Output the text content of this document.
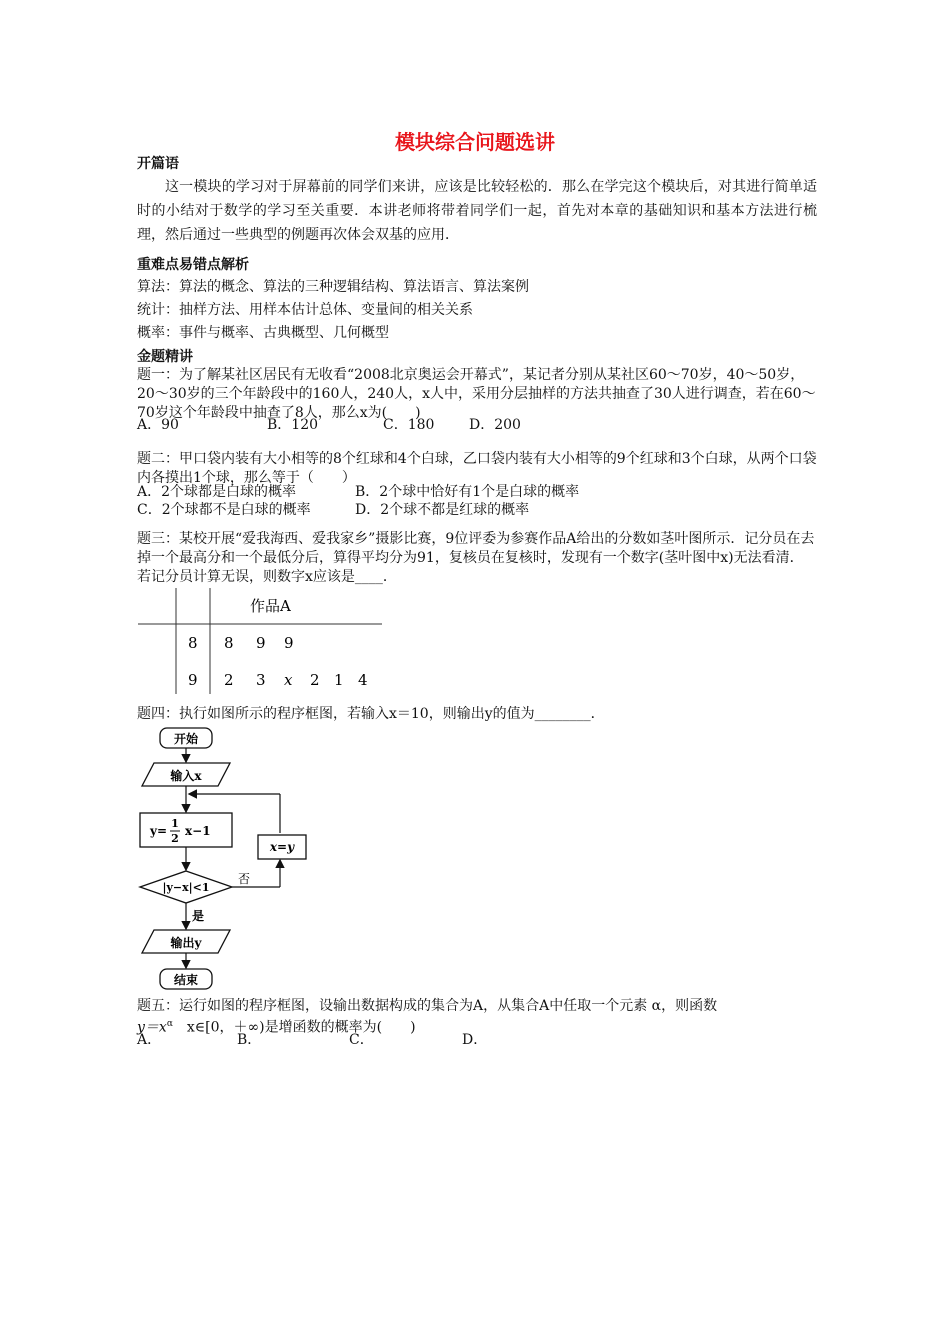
模块综合问题选讲
开篇语
这一模块的学习对于屏幕前的同学们来讲，应该是比较轻松的．那么在学完这个模块后，对其进行简单适时的小结对于数学的学习至关重要．本讲老师将带着同学们一起，首先对本章的基础知识和基本方法进行梳理，然后通过一些典型的例题再次体会双基的应用．
重难点易错点解析
算法：算法的概念、算法的三种逻辑结构、算法语言、算法案例
统计：抽样方法、用样本估计总体、变量间的相关关系
概率：事件与概率、古典概型、几何概型
金题精讲
题一：为了解某社区居民有无收看“2008北京奥运会开幕式”，某记者分别从某社区60～70岁，40～50岁，20～30岁的三个年龄段中的160人，240人，x人中，采用分层抽样的方法共抽查了30人进行调查，若在60～70岁这个年龄段中抽查了8人，那么x为(　　)
A．90	B．120	C．180 D．200
题二：甲口袋内装有大小相等的8个红球和4个白球，乙口袋内装有大小相等的9个红球和3个白球，从两个口袋内各摸出1个球，那么等于（　　）
A．2个球都是白球的概率	B．2个球中恰好有1个是白球的概率
C．2个球都不是白球的概率	D．2个球不都是红球的概率
题三：某校开展“爱我海西、爱我家乡”摄影比赛，9位评委为参赛作品A给出的分数如茎叶图所示．记分员在去掉一个最高分和一个最低分后，算得平均分为91，复核员在复核时，发现有一个数字(茎叶图中x)无法看清．若记分员计算无误，则数字x应该是____．
作品A
8 8 9 9
9 2 3 x 2 1 4
题四：执行如图所示的程序框图，若输入x＝10，则输出y的值为________．
开始
输入x
y=
1
2
x−1
x=y
|y−x|<1
否
是
输出y
结束
题五：运行如图的程序框图，设输出数据构成的集合为A，从集合A中任取一个元素 α，则函数
$y=x^\alpha$　x∈[0，＋∞)是增函数的概率为(　　)
A．	B．	C．	D．
